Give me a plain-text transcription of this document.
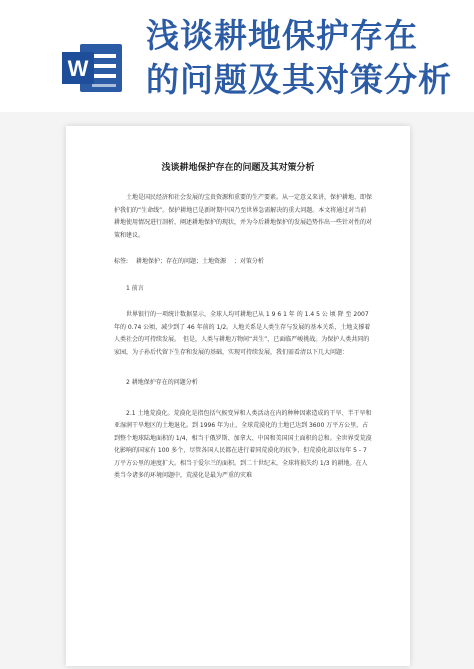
W
浅谈耕地保护存在
的问题及其对策分析
浅谈耕地保护存在的问题及其对策分析

土地是国民经济和社会发展的宝贵资源和重要的生产要素。从一定意义来讲，保护耕地、即保护我们的“生命线”。保护耕地已是新时期中国乃至世界急需解决的重大问题。本文将通过对当前耕地使用情况进行剖析，阐述耕地保护的现状，并为今后耕地保护的发展趋势作出一些针对性的对策和建议。

标签: 耕地保护；存在的问题；土地资源 ；对策分析

1 前言

世界银行的一项统计数据显示，全球人均可耕地已从 1 9 6 1 年 的 1.4 5 公 顷 降 至 2007 年的 0.74 公顷，减少到了 46 年前的 1/2。人地关系是人类生存与发展的基本关系，土地支撑着人类社会的可持续发展。　但是，人类与耕地万物间“共生”，已面临严峻挑战。为保护人类共同的家园，为子孙后代留下生存和发展的基础，实现可持续发展，我们需看清以下几大问题：

2 耕地保护存在的问题分析

2.1 土地荒漠化。荒漠化是指包括气候变异和人类活动在内的种种因素造成的干旱、半干旱和亚湿润干旱地区的土地退化。到 1996 年为止，全球荒漠化的土地已达到 3600 万平方公里，占到整个地球陆地面积的 1/4，相当于俄罗斯、加拿大、中国和美国国土面积的总和。全世界受荒漠化影响的国家有 100 多个，尽管各国人民都在进行着同荒漠化的抗争，但荒漠化却以每年 5 - 7 万平方公里的速度扩大。相当于爱尔兰的面积。到二十世纪末，全球将损失约 1/3 的耕地。在人类当今诸多的环境问题中，荒漠化是最为严重的灾难
